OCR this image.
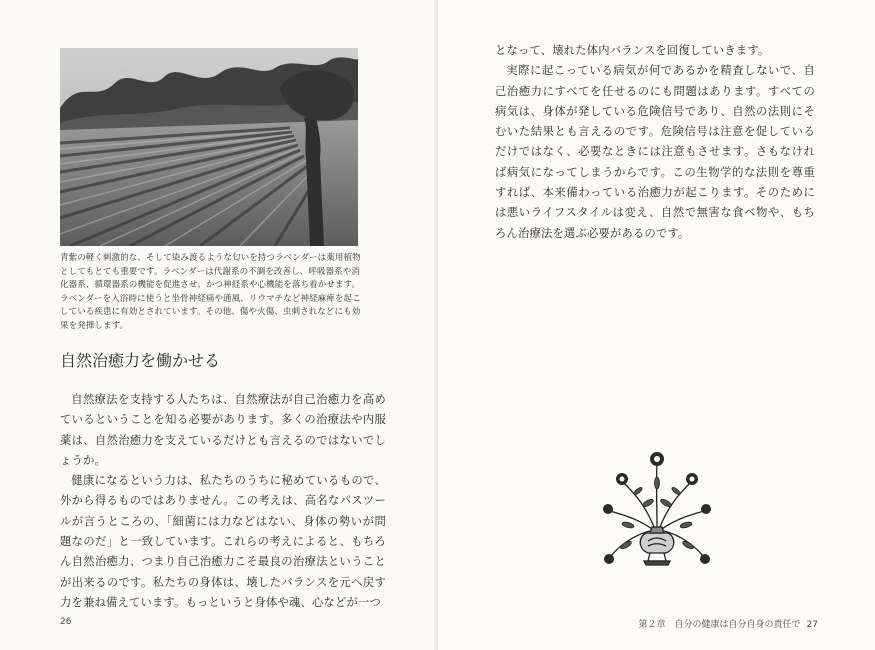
青紫の軽く刺激的な、そして染み渡るような匂いを持つラベンダーは薬用植物としてもとても重要です。ラベンダーは代謝系の不調を改善し、呼吸器系や消化器系、循環器系の機能を促進させ、かつ神経系や心機能を落ち着かせます。ラベンダーを入浴時に使うと坐骨神経痛や通風、リウマチなど神経麻痺を起こしている疾患に有効とされています。その他、傷や火傷、虫刺されなどにも効果を発揮します。
自然治癒力を働かせる

自然療法を支持する人たちは、自然療法が自己治癒力を高めているということを知る必要があります。多くの治療法や内服薬は、自然治癒力を支えているだけとも言えるのではないでしょうか。

健康になるという力は、私たちのうちに秘めているもので、外から得るものではありません。この考えは、高名なパスツールが言うところの、「細菌には力などはない、身体の勢いが問題なのだ」と一致しています。これらの考えによると、もちろん自然治癒力、つまり自己治癒力こそ最良の治療法ということが出来るのです。私たちの身体は、壊したバランスを元へ戻す力を兼ね備えています。もっというと身体や魂、心などが一つ

26

となって、壊れた体内バランスを回復していきます。

実際に起こっている病気が何であるかを精査しないで、自己治癒力にすべてを任せるのにも問題はあります。すべての病気は、身体が発している危険信号であり、自然の法則にそむいた結果とも言えるのです。危険信号は注意を促しているだけではなく、必要なときには注意もさせます。さもなければ病気になってしまうからです。この生物学的な法則を尊重すれば、本来備わっている治癒力が起こります。そのためには悪いライフスタイルは変え、自然で無害な食べ物や、もちろん治療法を選ぶ必要があるのです。

第２章　自分の健康は自分自身の責任で 27
